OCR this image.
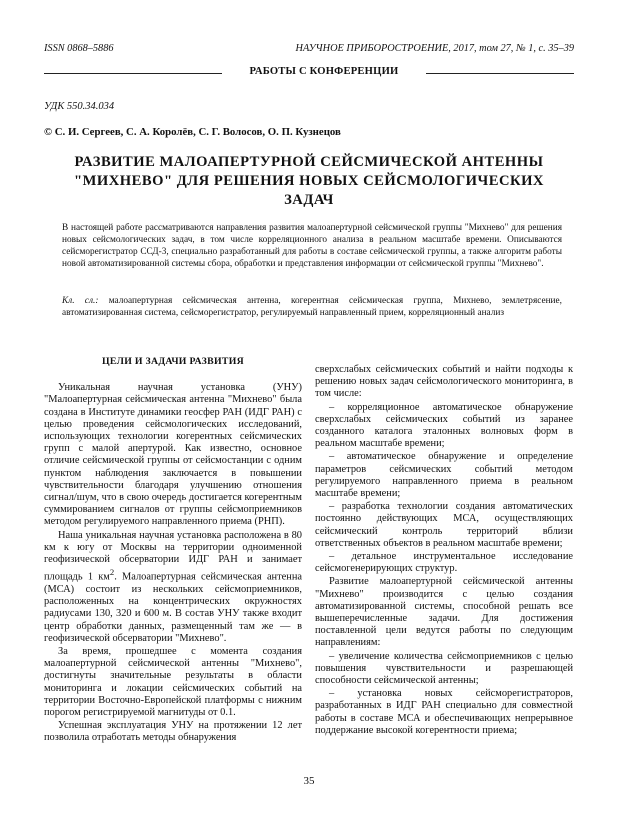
ISSN 0868–5886	НАУЧНОЕ ПРИБОРОСТРОЕНИЕ, 2017, том 27, № 1, c. 35–39
РАБОТЫ С КОНФЕРЕНЦИИ
УДК 550.34.034
© С. И. Сергеев, С. А. Королёв, С. Г. Волосов, О. П. Кузнецов
РАЗВИТИЕ МАЛОАПЕРТУРНОЙ СЕЙСМИЧЕСКОЙ АНТЕННЫ "МИХНЕВО" ДЛЯ РЕШЕНИЯ НОВЫХ СЕЙСМОЛОГИЧЕСКИХ ЗАДАЧ
В настоящей работе рассматриваются направления развития малоапертурной сейсмической группы "Михнево" для решения новых сейсмологических задач, в том числе корреляционного анализа в реальном масштабе времени. Описываются сейсморегистратор ССД-3, специально разработанный для работы в составе сейсмической группы, а также алгоритм работы новой автоматизированной системы сбора, обработки и представления информации от сейсмической группы "Михнево".
Кл. сл.: малоапертурная сейсмическая антенна, когерентная сейсмическая группа, Михнево, землетрясение, автоматизированная система, сейсморегистратор, регулируемый направленный прием, корреляционный анализ
ЦЕЛИ И ЗАДАЧИ РАЗВИТИЯ

Уникальная научная установка (УНУ) "Малоапертурная сейсмическая антенна "Михнево" была создана в Институте динамики геосфер РАН (ИДГ РАН) с целью проведения сейсмологических исследований, использующих технологии когерентных сейсмических групп с малой апертурой. Как известно, основное отличие сейсмической группы от сейсмостанции с одним пунктом наблюдения заключается в повышении чувствительности благодаря улучшению отношения сигнал/шум, что в свою очередь достигается когерентным суммированием сигналов от группы сейсмоприемников методом регулируемого направленного приема (РНП).

Наша уникальная научная установка расположена в 80 км к югу от Москвы на территории одноименной геофизической обсерватории ИДГ РАН и занимает площадь 1 $км^2$. Малоапертурная сейсмическая антенна (МСА) состоит из нескольких сейсмоприемников, расположенных на концентрических окружностях радиусами 130, 320 и 600 м. В состав УНУ также входит центр обработки данных, размещенный там же — в геофизической обсерватории "Михнево".

За время, прошедшее с момента создания малоапертурной сейсмической антенны "Михнево", достигнуты значительные результаты в области мониторинга и локации сейсмических событий на территории Восточно-Европейской платформы с нижним порогом регистрируемой магнитуды от 0.1.

Успешная эксплуатация УНУ на протяжении 12 лет позволила отработать методы обнаружения

сверхслабых сейсмических событий и найти подходы к решению новых задач сейсмологического мониторинга, в том числе:

– корреляционное автоматическое обнаружение сверхслабых сейсмических событий из заранее созданного каталога эталонных волновых форм в реальном масштабе времени;

– автоматическое обнаружение и определение параметров сейсмических событий методом регулируемого направленного приема в реальном масштабе времени;

– разработка технологии создания автоматических постоянно действующих МСА, осуществляющих сейсмический контроль территорий вблизи ответственных объектов в реальном масштабе времени;

– детальное инструментальное исследование сейсмогенерирующих структур.

Развитие малоапертурной сейсмической антенны "Михнево" производится с целью создания автоматизированной системы, способной решать все вышеперечисленные задачи. Для достижения поставленной цели ведутся работы по следующим направлениям:

– увеличение количества сейсмоприемников с целью повышения чувствительности и разрешающей способности сейсмической антенны;

– установка новых сейсморегистраторов, разработанных в ИДГ РАН специально для совместной работы в составе МСА и обеспечивающих непрерывное поддержание высокой когерентности приема;

35
